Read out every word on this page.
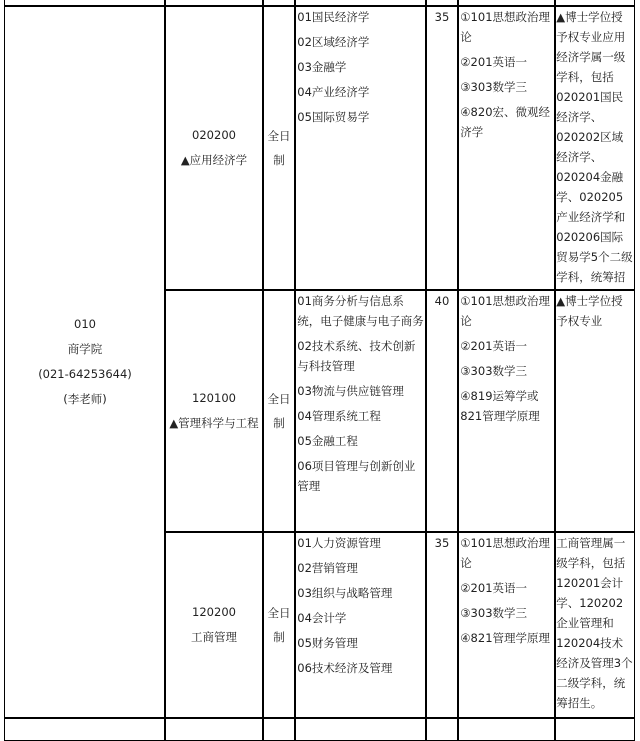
010

商学院

(021-64253644)

(李老师)

020200

▲应用经济学

全日制

01国民经济学

02区域经济学

03金融学

04产业经济学

05国际贸易学

35 ①101思想政治理论

②201英语一

③303数学三

④820宏、微观经济学

▲博士学位授予权专业应用经济学属一级学科，包括020201国民经济学、020202区域经济学、020204金融学、020205产业经济学和020206国际贸易学5个二级学科，统筹招

120100

▲管理科学与工程

全日制

01商务分析与信息系统，电子健康与电子商务

02技术系统、技术创新与科技管理

03物流与供应链管理

04管理系统工程

05金融工程

06项目管理与创新创业管理

40 ①101思想政治理论

②201英语一

③303数学三

④819运筹学或821管理学原理

▲博士学位授予权专业

120200

工商管理

全日制

01人力资源管理

02营销管理

03组织与战略管理

04会计学

05财务管理

06技术经济及管理

35 ①101思想政治理论

②201英语一

③303数学三

④821管理学原理

工商管理属一级学科，包括120201会计学、120202企业管理和120204技术经济及管理3个二级学科，统筹招生。
